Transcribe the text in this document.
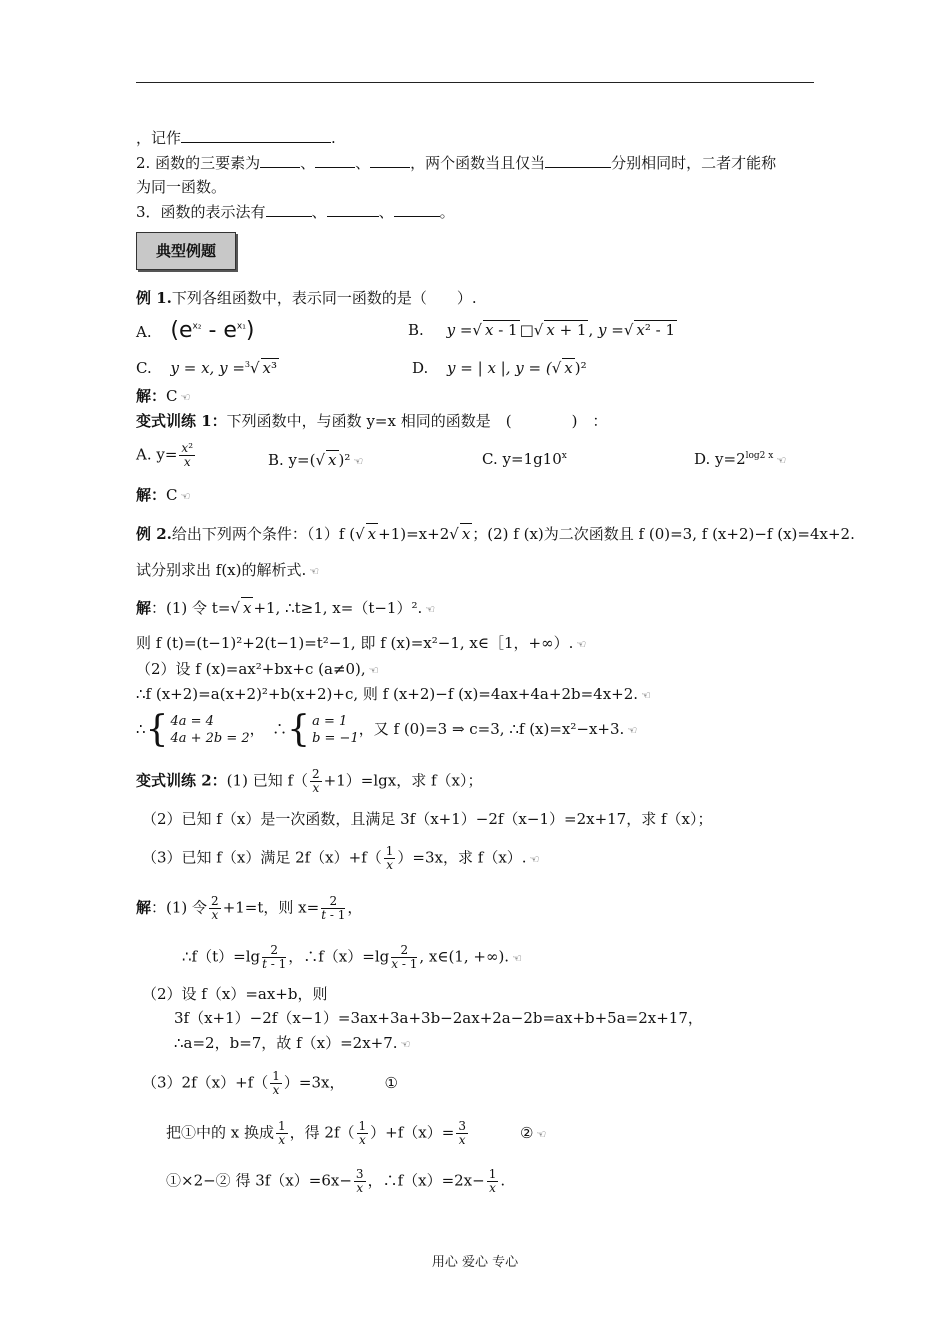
，记作	.
2. 函数的三要素为	、	、	，两个函数当且仅当	分别相同时，二者才能称
为同一函数。
3．函数的表示法有	、	、	。
典型例题
例 1.下列各组函数中，表示同一函数的是（　　）.
A. $(e^{x_2} - e^{x_1})$	B. y = √ x - 1 □ √ x + 1 , y = √ x² - 1
C. y = x, y =$^3$ √ x³	D. y = | x |, y = ( √ x )²
解：C ☜
变式训练 1：下列函数中，与函数 y=x 相同的函数是　(　　　　)　：
A. $y= \frac{\text{x²}}{x}$	B. y=( √ x )² ☜	C. $y=1g10^x$	D. $y=2^{log2 x}$ ☜
解：C ☜
例 2.给出下列两个条件：（1）f ( √ x +1)=x+2 √ x ；(2) f (x)为二次函数且 f (0)=3, f (x+2)−f (x)=4x+2.
试分别求出 f(x)的解析式. ☜
解：(1) 令 t= √ x +1, ∴t≥1, x=（t−1）². ☜
则 f (t)=(t−1)²+2(t−1)=t²−1, 即 f (x)=x²−1, x∈［1，+∞）. ☜
（2）设 f (x)=ax²+bx+c (a≠0), ☜
∴f (x+2)=a(x+2)²+b(x+2)+c, 则 f (x+2)−f (x)=4ax+4a+2b=4x+2. ☜
∴ { 4a = 4
4a + 2b = 2
，　∴ { a = 1
b = −1
，又 f (0)=3 ⇒ c=3, ∴f (x)=x²−x+3. ☜
变式训练 2：(1) 已知 $f( \frac{2}{x} +1)=\lg x$，求 f（x）；
（2）已知 f（x）是一次函数，且满足 3f（x+1）−2f（x−1）=2x+17，求 f（x）；
（3）已知 f（x）满足 $2f(x)+f( \frac{1}{x} )=3x$，求 f（x）. ☜
解：(1) 令 $\frac{2}{x} +1=t$，则 $x= \frac{2}{t - 1}$ ，
∴f（t）=lg $\frac{2}{t - 1}$ ，∴f（x）=lg $\frac{2}{x - 1}$ , x∈(1, +∞). ☜
（2）设 f（x）=ax+b，则
3f（x+1）−2f（x−1）=3ax+3a+3b−2ax+2a−2b=ax+b+5a=2x+17，
∴a=2，b=7，故 f（x）=2x+7. ☜
$(3)2f(x)+f( \frac{1}{x} )=3x$，	①
把①中的 x 换成 $\frac{1}{x}$ ，得 $2f( \frac{1}{x} )+f(x)= \frac{3}{x}$	② ☜
①×2−② 得 $3f(x)=6x- \frac{3}{x}$ ，∴f（x）=2x− $\frac{1}{x}$ .
用心 爱心 专心
